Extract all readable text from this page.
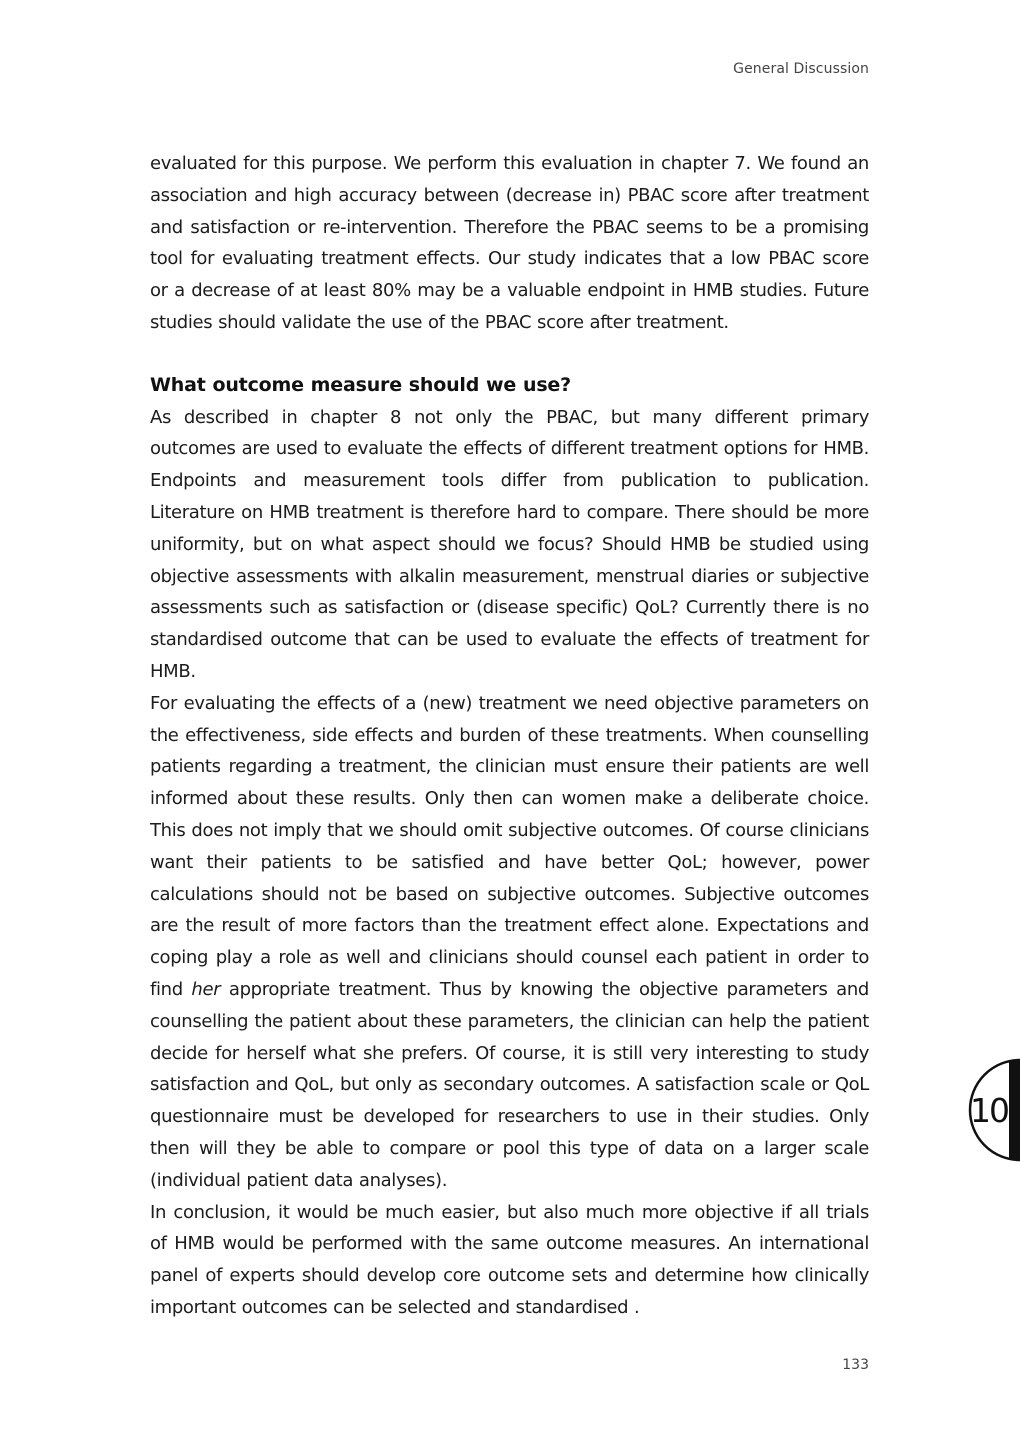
General Discussion

evaluated for this purpose. We perform this evaluation in chapter 7. We found an association and high accuracy between (decrease in) PBAC score after treatment and satisfaction or re-intervention. Therefore the PBAC seems to be a promising tool for evaluating treatment effects. Our study indicates that a low PBAC score or a decrease of at least 80% may be a valuable endpoint in HMB studies. Future studies should validate the use of the PBAC score after treatment.

What outcome measure should we use?

As described in chapter 8 not only the PBAC, but many different primary outcomes are used to evaluate the effects of different treatment options for HMB. Endpoints and measurement tools differ from publication to publication. Literature on HMB treatment is therefore hard to compare. There should be more uniformity, but on what aspect should we focus? Should HMB be studied using objective assessments with alkalin measurement, menstrual diaries or subjective assessments such as satisfaction or (disease specific) QoL? Currently there is no standardised outcome that can be used to evaluate the effects of treatment for HMB.

For evaluating the effects of a (new) treatment we need objective parameters on the effectiveness, side effects and burden of these treatments. When counselling patients regarding a treatment, the clinician must ensure their patients are well informed about these results. Only then can women make a deliberate choice. This does not imply that we should omit subjective outcomes. Of course clinicians want their patients to be satisfied and have better QoL; however, power calculations should not be based on subjective outcomes. Subjective outcomes are the result of more factors than the treatment effect alone. Expectations and coping play a role as well and clinicians should counsel each patient in order to find her appropriate treatment. Thus by knowing the objective parameters and counselling the patient about these parameters, the clinician can help the patient decide for herself what she prefers. Of course, it is still very interesting to study satisfaction and QoL, but only as secondary outcomes. A satisfaction scale or QoL questionnaire must be developed for researchers to use in their studies. Only then will they be able to compare or pool this type of data on a larger scale (individual patient data analyses).

In conclusion, it would be much easier, but also much more objective if all trials of HMB would be performed with the same outcome measures. An international panel of experts should develop core outcome sets and determine how clinically important outcomes can be selected and standardised .

10
133
